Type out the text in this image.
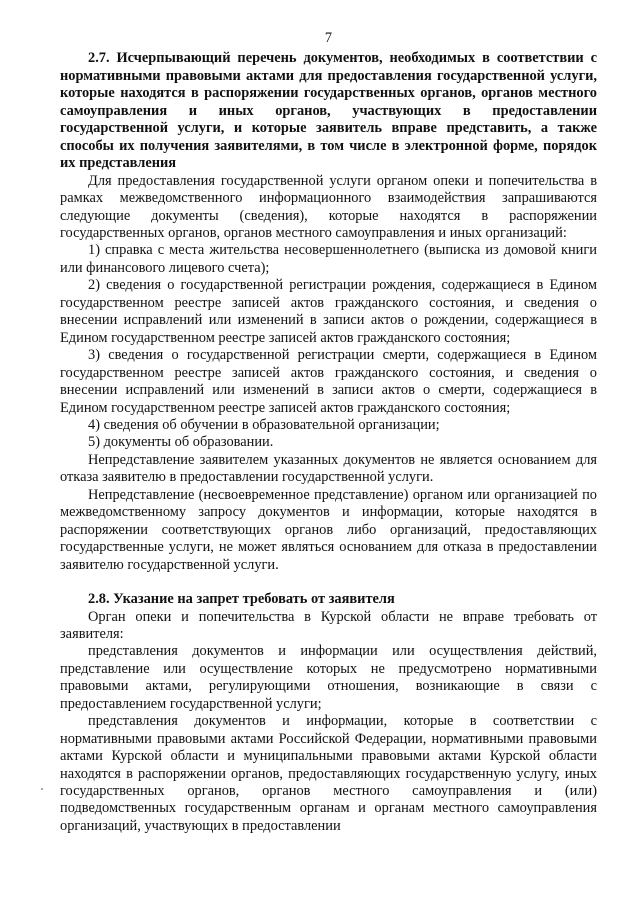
7

2.7. Исчерпывающий перечень документов, необходимых в соответствии с нормативными правовыми актами для предоставления государственной услуги, которые находятся в распоряжении государственных органов, органов местного самоуправления и иных органов, участвующих в предоставлении государственной услуги, и которые заявитель вправе представить, а также способы их получения заявителями, в том числе в электронной форме, порядок их представления

Для предоставления государственной услуги органом опеки и попечительства в рамках межведомственного информационного взаимодействия запрашиваются следующие документы (сведения), которые находятся в распоряжении государственных органов, органов местного самоуправления и иных организаций:

1) справка с места жительства несовершеннолетнего (выписка из домовой книги или финансового лицевого счета);

2) сведения о государственной регистрации рождения, содержащиеся в Едином государственном реестре записей актов гражданского состояния, и сведения о внесении исправлений или изменений в записи актов о рождении, содержащиеся в Едином государственном реестре записей актов гражданского состояния;

3) сведения о государственной регистрации смерти, содержащиеся в Едином государственном реестре записей актов гражданского состояния, и сведения о внесении исправлений или изменений в записи актов о смерти, содержащиеся в Едином государственном реестре записей актов гражданского состояния;

4) сведения об обучении в образовательной организации;

5) документы об образовании.

Непредставление заявителем указанных документов не является основанием для отказа заявителю в предоставлении государственной услуги.

Непредставление (несвоевременное представление) органом или организацией по межведомственному запросу документов и информации, которые находятся в распоряжении соответствующих органов либо организаций, предоставляющих государственные услуги, не может являться основанием для отказа в предоставлении заявителю государственной услуги.

2.8. Указание на запрет требовать от заявителя

Орган опеки и попечительства в Курской области не вправе требовать от заявителя:

представления документов и информации или осуществления действий, представление или осуществление которых не предусмотрено нормативными правовыми актами, регулирующими отношения, возникающие в связи с предоставлением государственной услуги;

представления документов и информации, которые в соответствии с нормативными правовыми актами Российской Федерации, нормативными правовыми актами Курской области и муниципальными правовыми актами Курской области находятся в распоряжении органов, предоставляющих государственную услугу, иных государственных органов, органов местного самоуправления и (или) подведомственных государственным органам и органам местного самоуправления организаций, участвующих в предоставлении
